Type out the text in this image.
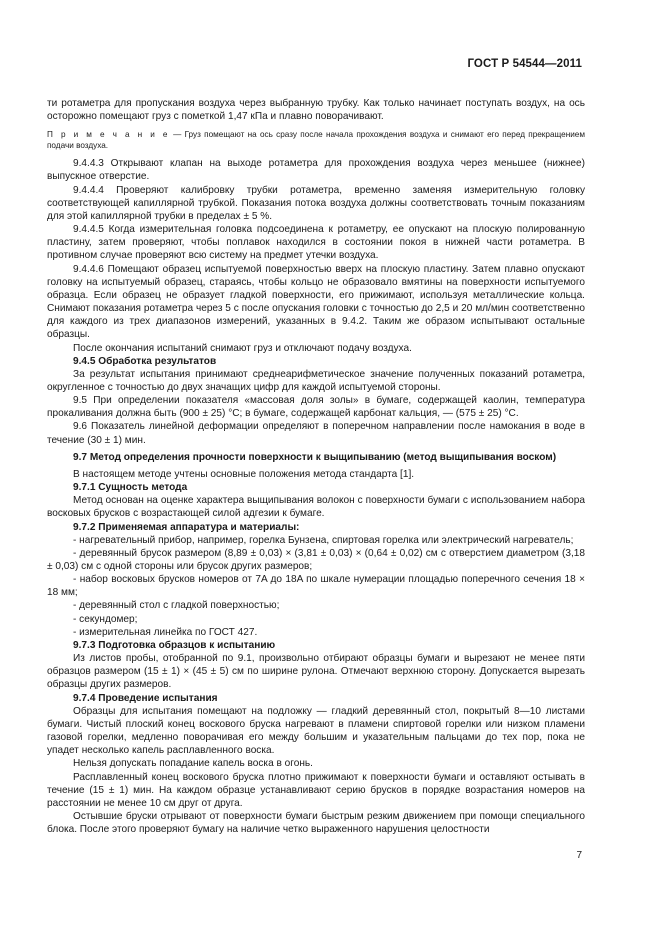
ГОСТ Р 54544—2011

ти ротаметра для пропускания воздуха через выбранную трубку. Как только начинает поступать воздух, на ось осторожно помещают груз с пометкой 1,47 кПа и плавно поворачивают.

П р и м е ч а н и е — Груз помещают на ось сразу после начала прохождения воздуха и снимают его перед прекращением подачи воздуха.

9.4.4.3 Открывают клапан на выходе ротаметра для прохождения воздуха через меньшее (нижнее) выпускное отверстие.

9.4.4.4 Проверяют калибровку трубки ротаметра, временно заменяя измерительную головку соответствующей капиллярной трубкой. Показания потока воздуха должны соответствовать точным показаниям для этой капиллярной трубки в пределах ± 5 %.

9.4.4.5 Когда измерительная головка подсоединена к ротаметру, ее опускают на плоскую полированную пластину, затем проверяют, чтобы поплавок находился в состоянии покоя в нижней части ротаметра. В противном случае проверяют всю систему на предмет утечки воздуха.

9.4.4.6 Помещают образец испытуемой поверхностью вверх на плоскую пластину. Затем плавно опускают головку на испытуемый образец, стараясь, чтобы кольцо не образовало вмятины на поверхности испытуемого образца. Если образец не образует гладкой поверхности, его прижимают, используя металлические кольца. Снимают показания ротаметра через 5 с после опускания головки с точностью до 2,5 и 20 мл/мин соответственно для каждого из трех диапазонов измерений, указанных в 9.4.2. Таким же образом испытывают остальные образцы.

После окончания испытаний снимают груз и отключают подачу воздуха.

9.4.5 Обработка результатов

За результат испытания принимают среднеарифметическое значение полученных показаний ротаметра, округленное с точностью до двух значащих цифр для каждой испытуемой стороны.

9.5 При определении показателя «массовая доля золы» в бумаге, содержащей каолин, температура прокаливания должна быть (900 ± 25) °С; в бумаге, содержащей карбонат кальция, — (575 ± 25) °С.

9.6 Показатель линейной деформации определяют в поперечном направлении после намокания в воде в течение (30 ± 1) мин.

9.7 Метод определения прочности поверхности к выщипыванию (метод выщипывания воском)

В настоящем методе учтены основные положения метода стандарта [1].

9.7.1 Сущность метода

Метод основан на оценке характера выщипывания волокон с поверхности бумаги с использованием набора восковых брусков с возрастающей силой адгезии к бумаге.

9.7.2 Применяемая аппаратура и материалы:

- нагревательный прибор, например, горелка Бунзена, спиртовая горелка или электрический нагреватель;

- деревянный брусок размером (8,89 ± 0,03) × (3,81 ± 0,03) × (0,64 ± 0,02) см с отверстием диаметром (3,18 ± 0,03) см с одной стороны или брусок других размеров;

- набор восковых брусков номеров от 7A до 18A по шкале нумерации площадью поперечного сечения 18 × 18 мм;

- деревянный стол с гладкой поверхностью;

- секундомер;

- измерительная линейка по ГОСТ 427.

9.7.3 Подготовка образцов к испытанию

Из листов пробы, отобранной по 9.1, произвольно отбирают образцы бумаги и вырезают не менее пяти образцов размером (15 ± 1) × (45 ± 5) см по ширине рулона. Отмечают верхнюю сторону. Допускается вырезать образцы других размеров.

9.7.4 Проведение испытания

Образцы для испытания помещают на подложку — гладкий деревянный стол, покрытый 8—10 листами бумаги. Чистый плоский конец воскового бруска нагревают в пламени спиртовой горелки или низком пламени газовой горелки, медленно поворачивая его между большим и указательным пальцами до тех пор, пока не упадет несколько капель расплавленного воска.

Нельзя допускать попадание капель воска в огонь.

Расплавленный конец воскового бруска плотно прижимают к поверхности бумаги и оставляют остывать в течение (15 ± 1) мин. На каждом образце устанавливают серию брусков в порядке возрастания номеров на расстоянии не менее 10 см друг от друга.

Остывшие бруски отрывают от поверхности бумаги быстрым резким движением при помощи специального блока. После этого проверяют бумагу на наличие четко выраженного нарушения целостности

7
